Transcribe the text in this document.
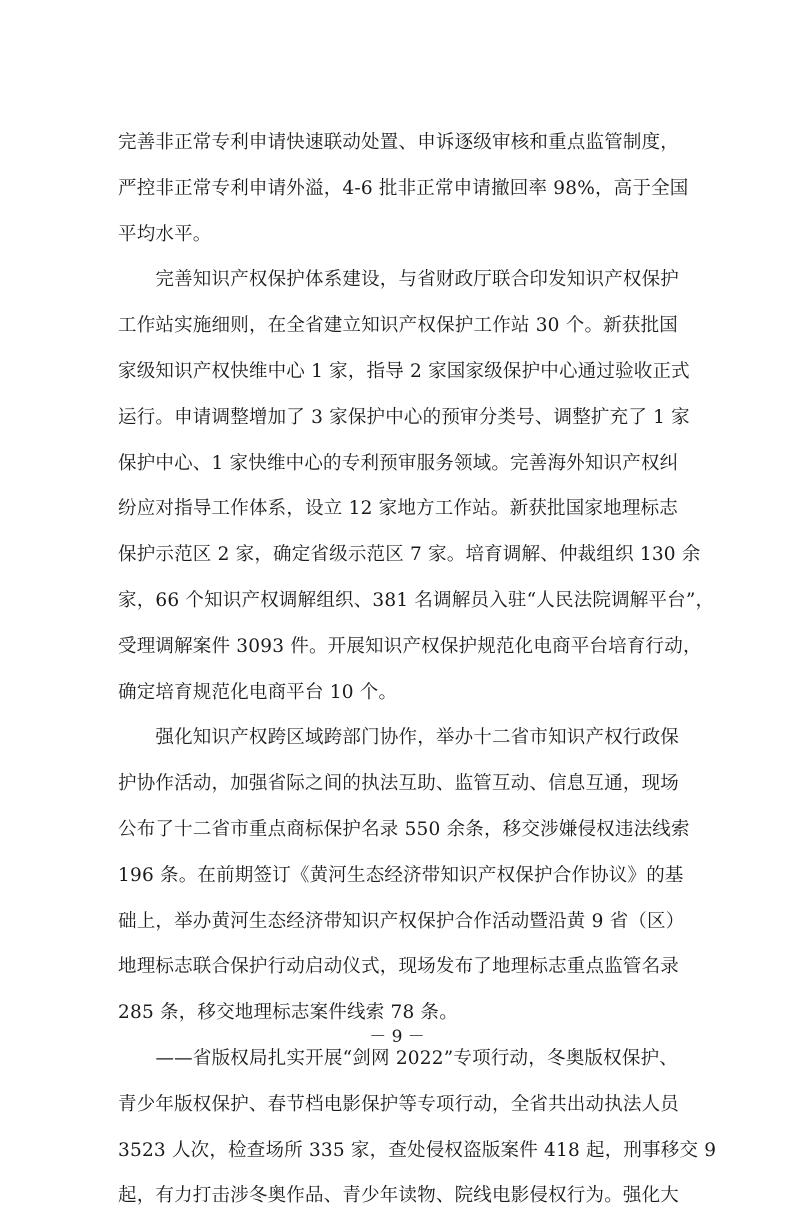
完善非正常专利申请快速联动处置、申诉逐级审核和重点监管制度，
严控非正常专利申请外溢，4-6 批非正常申请撤回率 98%，高于全国
平均水平。
　　完善知识产权保护体系建设，与省财政厅联合印发知识产权保护
工作站实施细则，在全省建立知识产权保护工作站 30 个。新获批国
家级知识产权快维中心 1 家，指导 2 家国家级保护中心通过验收正式
运行。申请调整增加了 3 家保护中心的预审分类号、调整扩充了 1 家
保护中心、1 家快维中心的专利预审服务领域。完善海外知识产权纠
纷应对指导工作体系，设立 12 家地方工作站。新获批国家地理标志
保护示范区 2 家，确定省级示范区 7 家。培育调解、仲裁组织 130 余
家，66 个知识产权调解组织、381 名调解员入驻“人民法院调解平台”，
受理调解案件 3093 件。开展知识产权保护规范化电商平台培育行动，
确定培育规范化电商平台 10 个。
　　强化知识产权跨区域跨部门协作，举办十二省市知识产权行政保
护协作活动，加强省际之间的执法互助、监管互动、信息互通，现场
公布了十二省市重点商标保护名录 550 余条，移交涉嫌侵权违法线索
196 条。在前期签订《黄河生态经济带知识产权保护合作协议》的基
础上，举办黄河生态经济带知识产权保护合作活动暨沿黄 9 省（区）
地理标志联合保护行动启动仪式，现场发布了地理标志重点监管名录
285 条，移交地理标志案件线索 78 条。
　　——省版权局扎实开展“剑网 2022”专项行动，冬奥版权保护、
青少年版权保护、春节档电影保护等专项行动，全省共出动执法人员
3523 人次，检查场所 335 家，查处侵权盗版案件 418 起，刑事移交 9
起，有力打击涉冬奥作品、青少年读物、院线电影侵权行为。强化大
－ 9 －
